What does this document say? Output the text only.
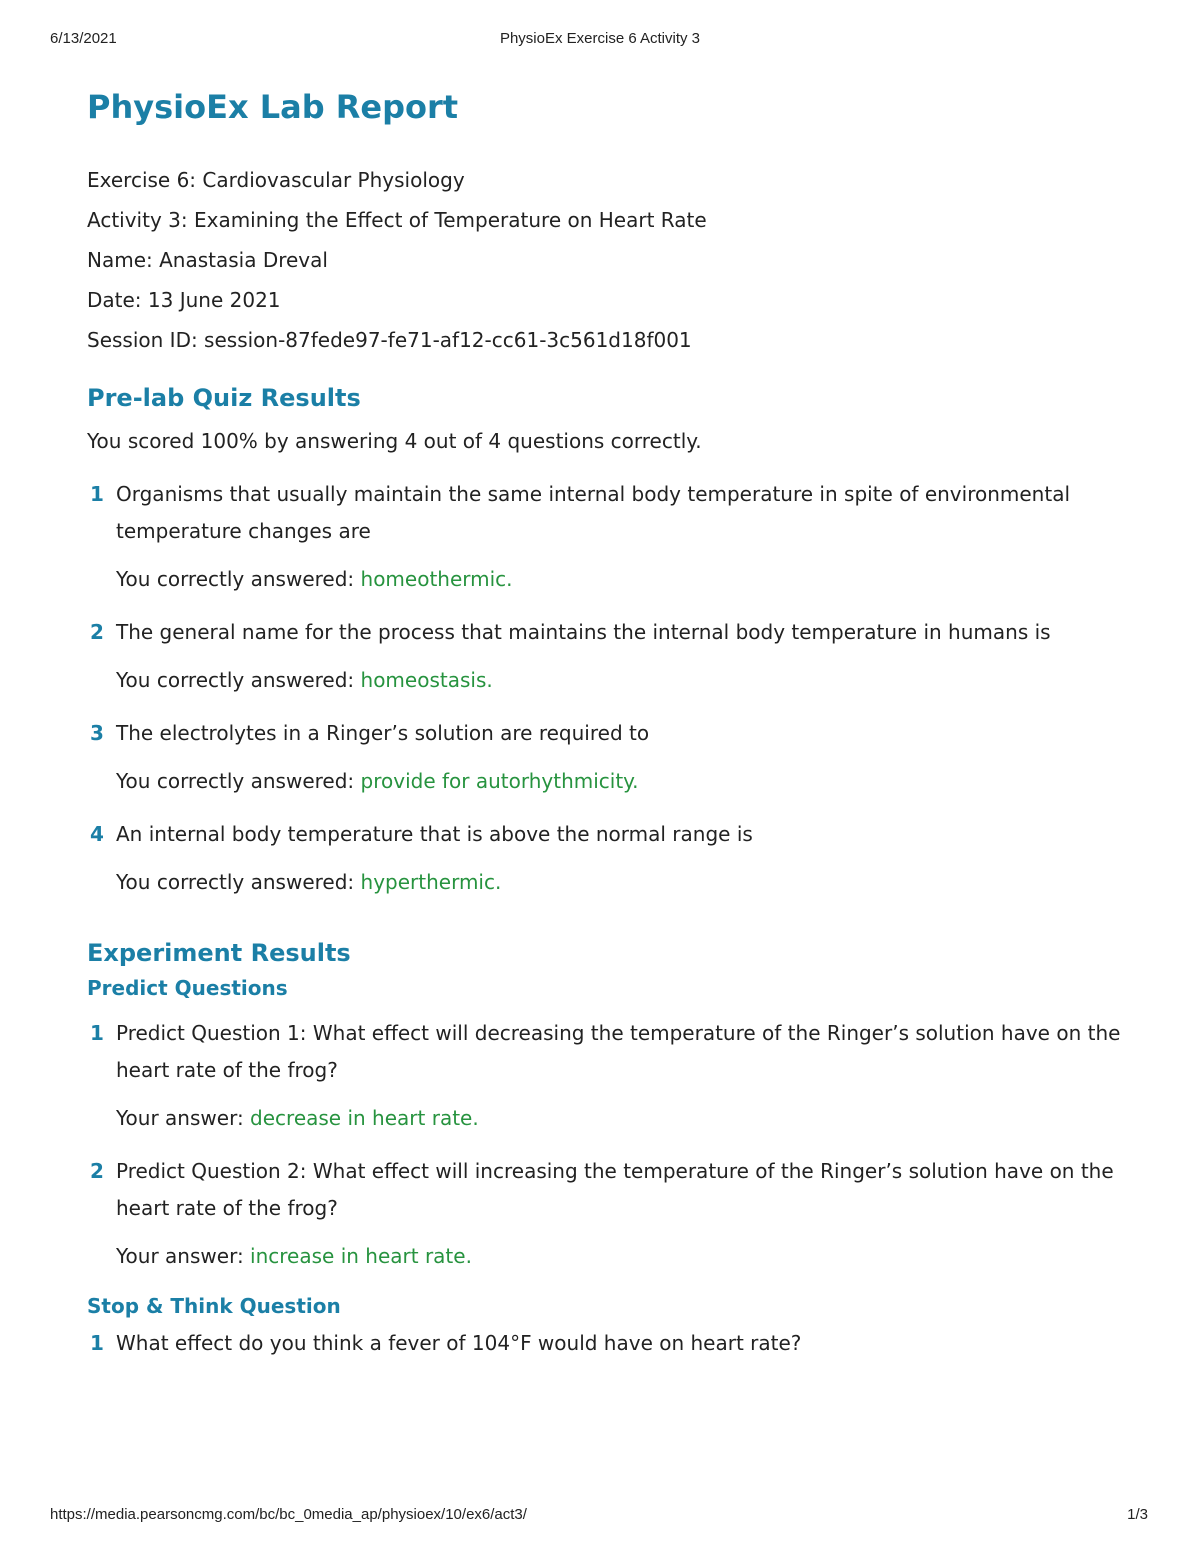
PhysioEx Exercise 6 Activity 3
6/13/2021
PhysioEx Lab Report
Exercise 6: Cardiovascular Physiology
Activity 3: Examining the Effect of Temperature on Heart Rate
Name: Anastasia Dreval
Date: 13 June 2021
Session ID: session-87fede97-fe71-af12-cc61-3c561d18f001
Pre-lab Quiz Results
You scored 100% by answering 4 out of 4 questions correctly.
1 Organisms that usually maintain the same internal body temperature in spite of environmental temperature changes are
You correctly answered: homeothermic.
2 The general name for the process that maintains the internal body temperature in humans is
You correctly answered: homeostasis.
3 The electrolytes in a Ringer’s solution are required to
You correctly answered: provide for autorhythmicity.
4 An internal body temperature that is above the normal range is
You correctly answered: hyperthermic.
Experiment Results
Predict Questions
1 Predict Question 1: What effect will decreasing the temperature of the Ringer’s solution have on the heart rate of the frog?
Your answer: decrease in heart rate.
2 Predict Question 2: What effect will increasing the temperature of the Ringer’s solution have on the heart rate of the frog?
Your answer: increase in heart rate.
Stop & Think Question
1 What effect do you think a fever of 104°F would have on heart rate?
https://media.pearsoncmg.com/bc/bc_0media_ap/physioex/10/ex6/act3/	1/3
